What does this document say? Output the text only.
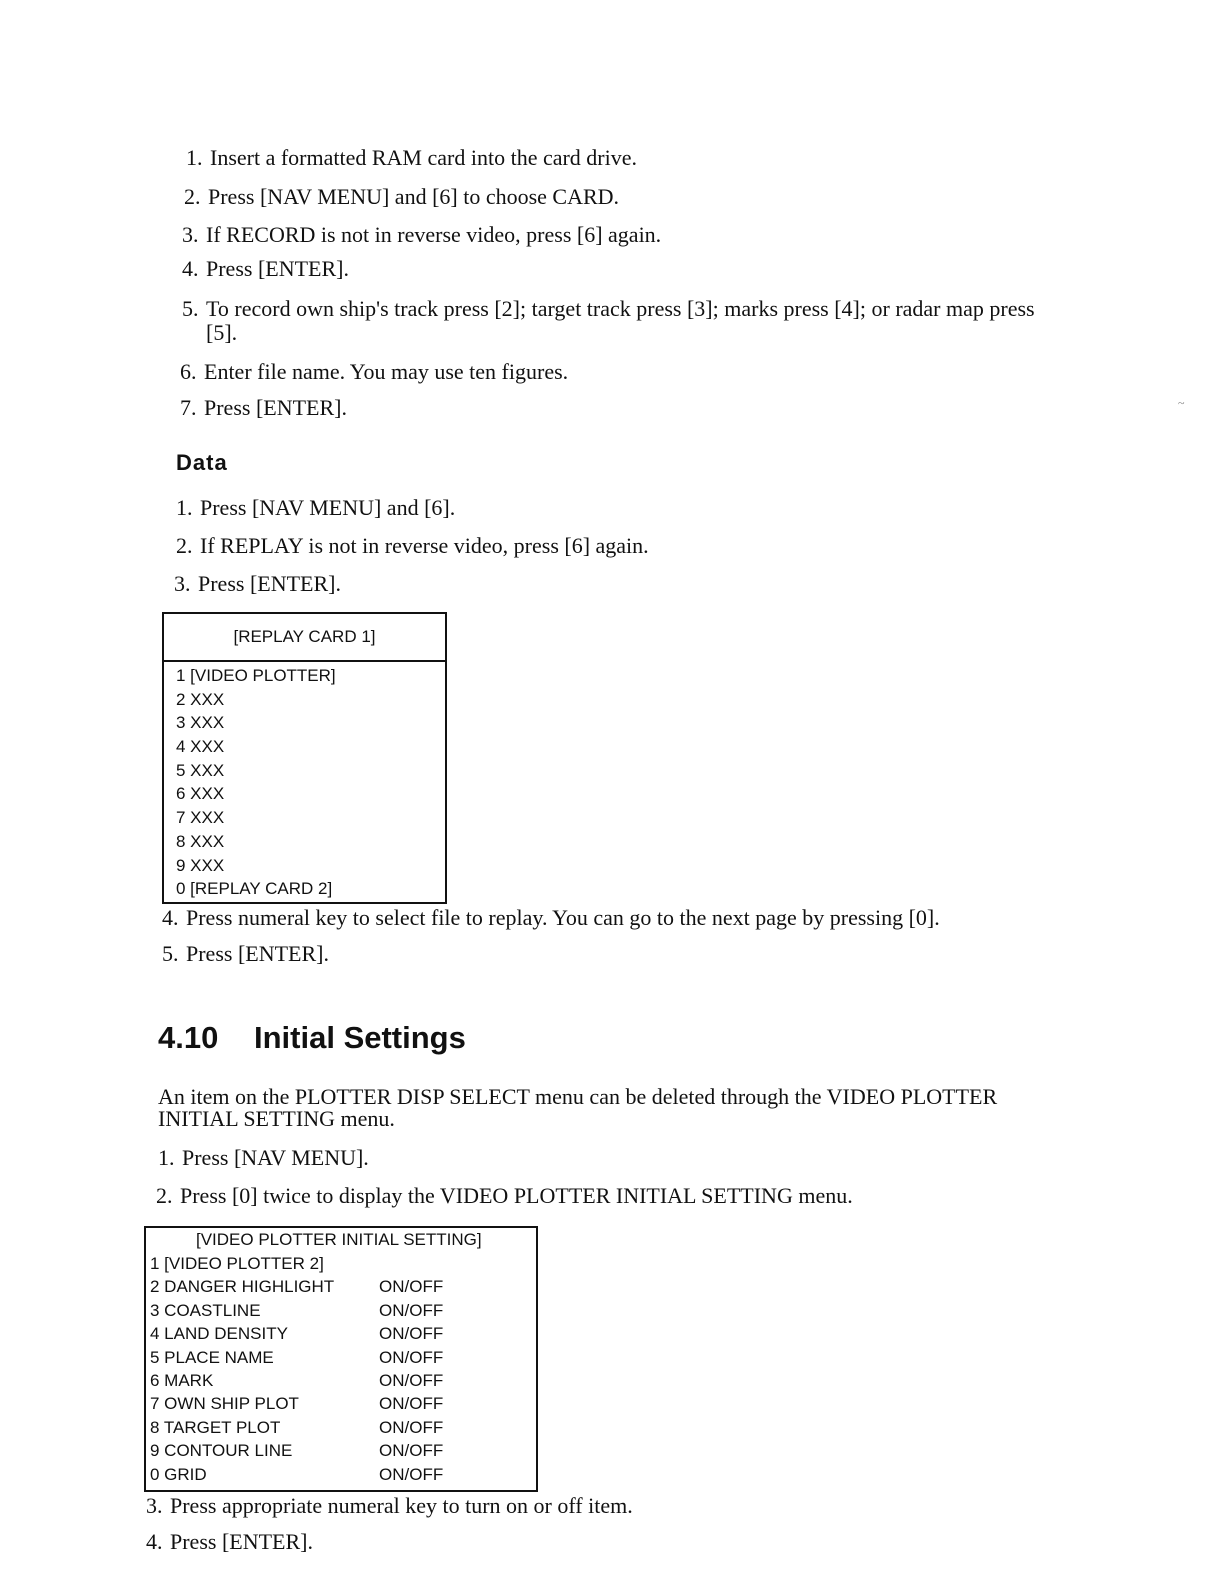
1. Insert a formatted RAM card into the card drive.
2. Press [NAV MENU] and [6] to choose CARD.
3. If RECORD is not in reverse video, press [6] again.
4. Press [ENTER].
5. To record own ship's track press [2]; target track press [3]; marks press [4]; or radar map press
[5].
6. Enter file name. You may use ten figures.
7. Press [ENTER].
Data
1. Press [NAV MENU] and [6].
2. If REPLAY is not in reverse video, press [6] again.
3. Press [ENTER].
[REPLAY CARD 1]
1 [VIDEO PLOTTER]
2 XXX
3 XXX
4 XXX
5 XXX
6 XXX
7 XXX
8 XXX
9 XXX
0 [REPLAY CARD 2]
4. Press numeral key to select file to replay. You can go to the next page by pressing [0].
5. Press [ENTER].
4.10 Initial Settings
An item on the PLOTTER DISP SELECT menu can be deleted through the VIDEO PLOTTER
INITIAL SETTING menu.
1. Press [NAV MENU].
2. Press [0] twice to display the VIDEO PLOTTER INITIAL SETTING menu.
[VIDEO PLOTTER INITIAL SETTING]
1 [VIDEO PLOTTER 2]
2 DANGER HIGHLIGHT	ON/OFF
3 COASTLINE	ON/OFF
4 LAND DENSITY	ON/OFF
5 PLACE NAME	ON/OFF
6 MARK	ON/OFF
7 OWN SHIP PLOT	ON/OFF
8 TARGET PLOT	ON/OFF
9 CONTOUR LINE	ON/OFF
0 GRID	ON/OFF
3. Press appropriate numeral key to turn on or off item.
4. Press [ENTER].
~
